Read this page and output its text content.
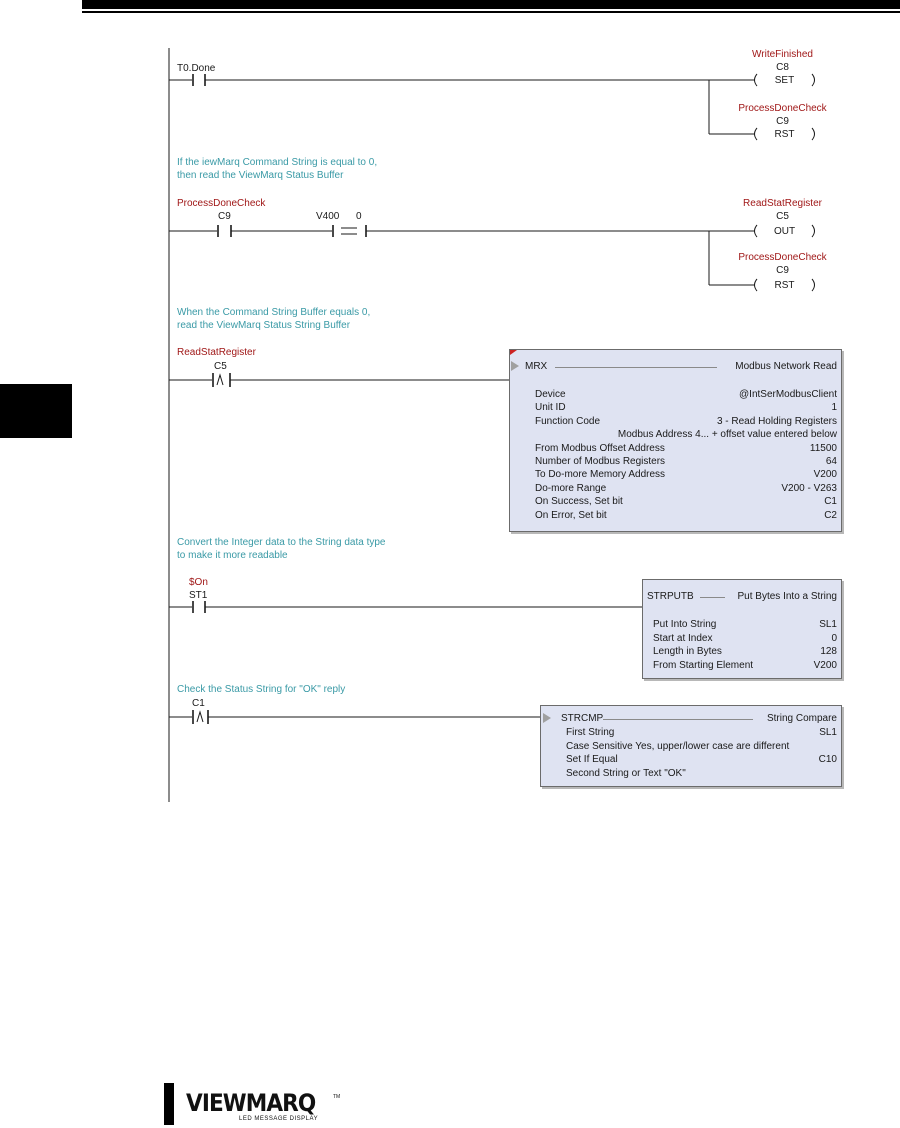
T0.Done
WriteFinished
C8
SET
ProcessDoneCheck
C9
RST
If the iewMarq Command String is equal to 0,
then read the ViewMarq Status Buffer
ProcessDoneCheck
C9	V400 0
ReadStatRegister
C5
OUT
ProcessDoneCheck
C9
RST
When the Command String Buffer equals 0,
read the ViewMarq Status String Buffer
ReadStatRegister
C5	MRX	Modbus Network Read
Device	@IntSerModbusClient
Unit ID	1
Function Code	3 - Read Holding Registers
Modbus Address 4... + offset value entered below
From Modbus Offset Address	11500
Number of Modbus Registers	64
To Do-more Memory Address	V200
Do-more Range	V200 - V263
On Success, Set bit	C1
On Error, Set bit	C2
Convert the Integer data to the String data type
to make it more readable
$On
ST1	STRPUTB	Put Bytes Into a String
Put Into String	SL1
Start at Index	0
Length in Bytes	128
From Starting Element	V200
Check the Status String for "OK" reply
C1
STRCMP	String Compare
First String	SL1
Case Sensitive Yes, upper/lower case are different
Set If Equal	C10
Second String or Text "OK"
VIEWMARQ	TM
LED MESSAGE DISPLAY
